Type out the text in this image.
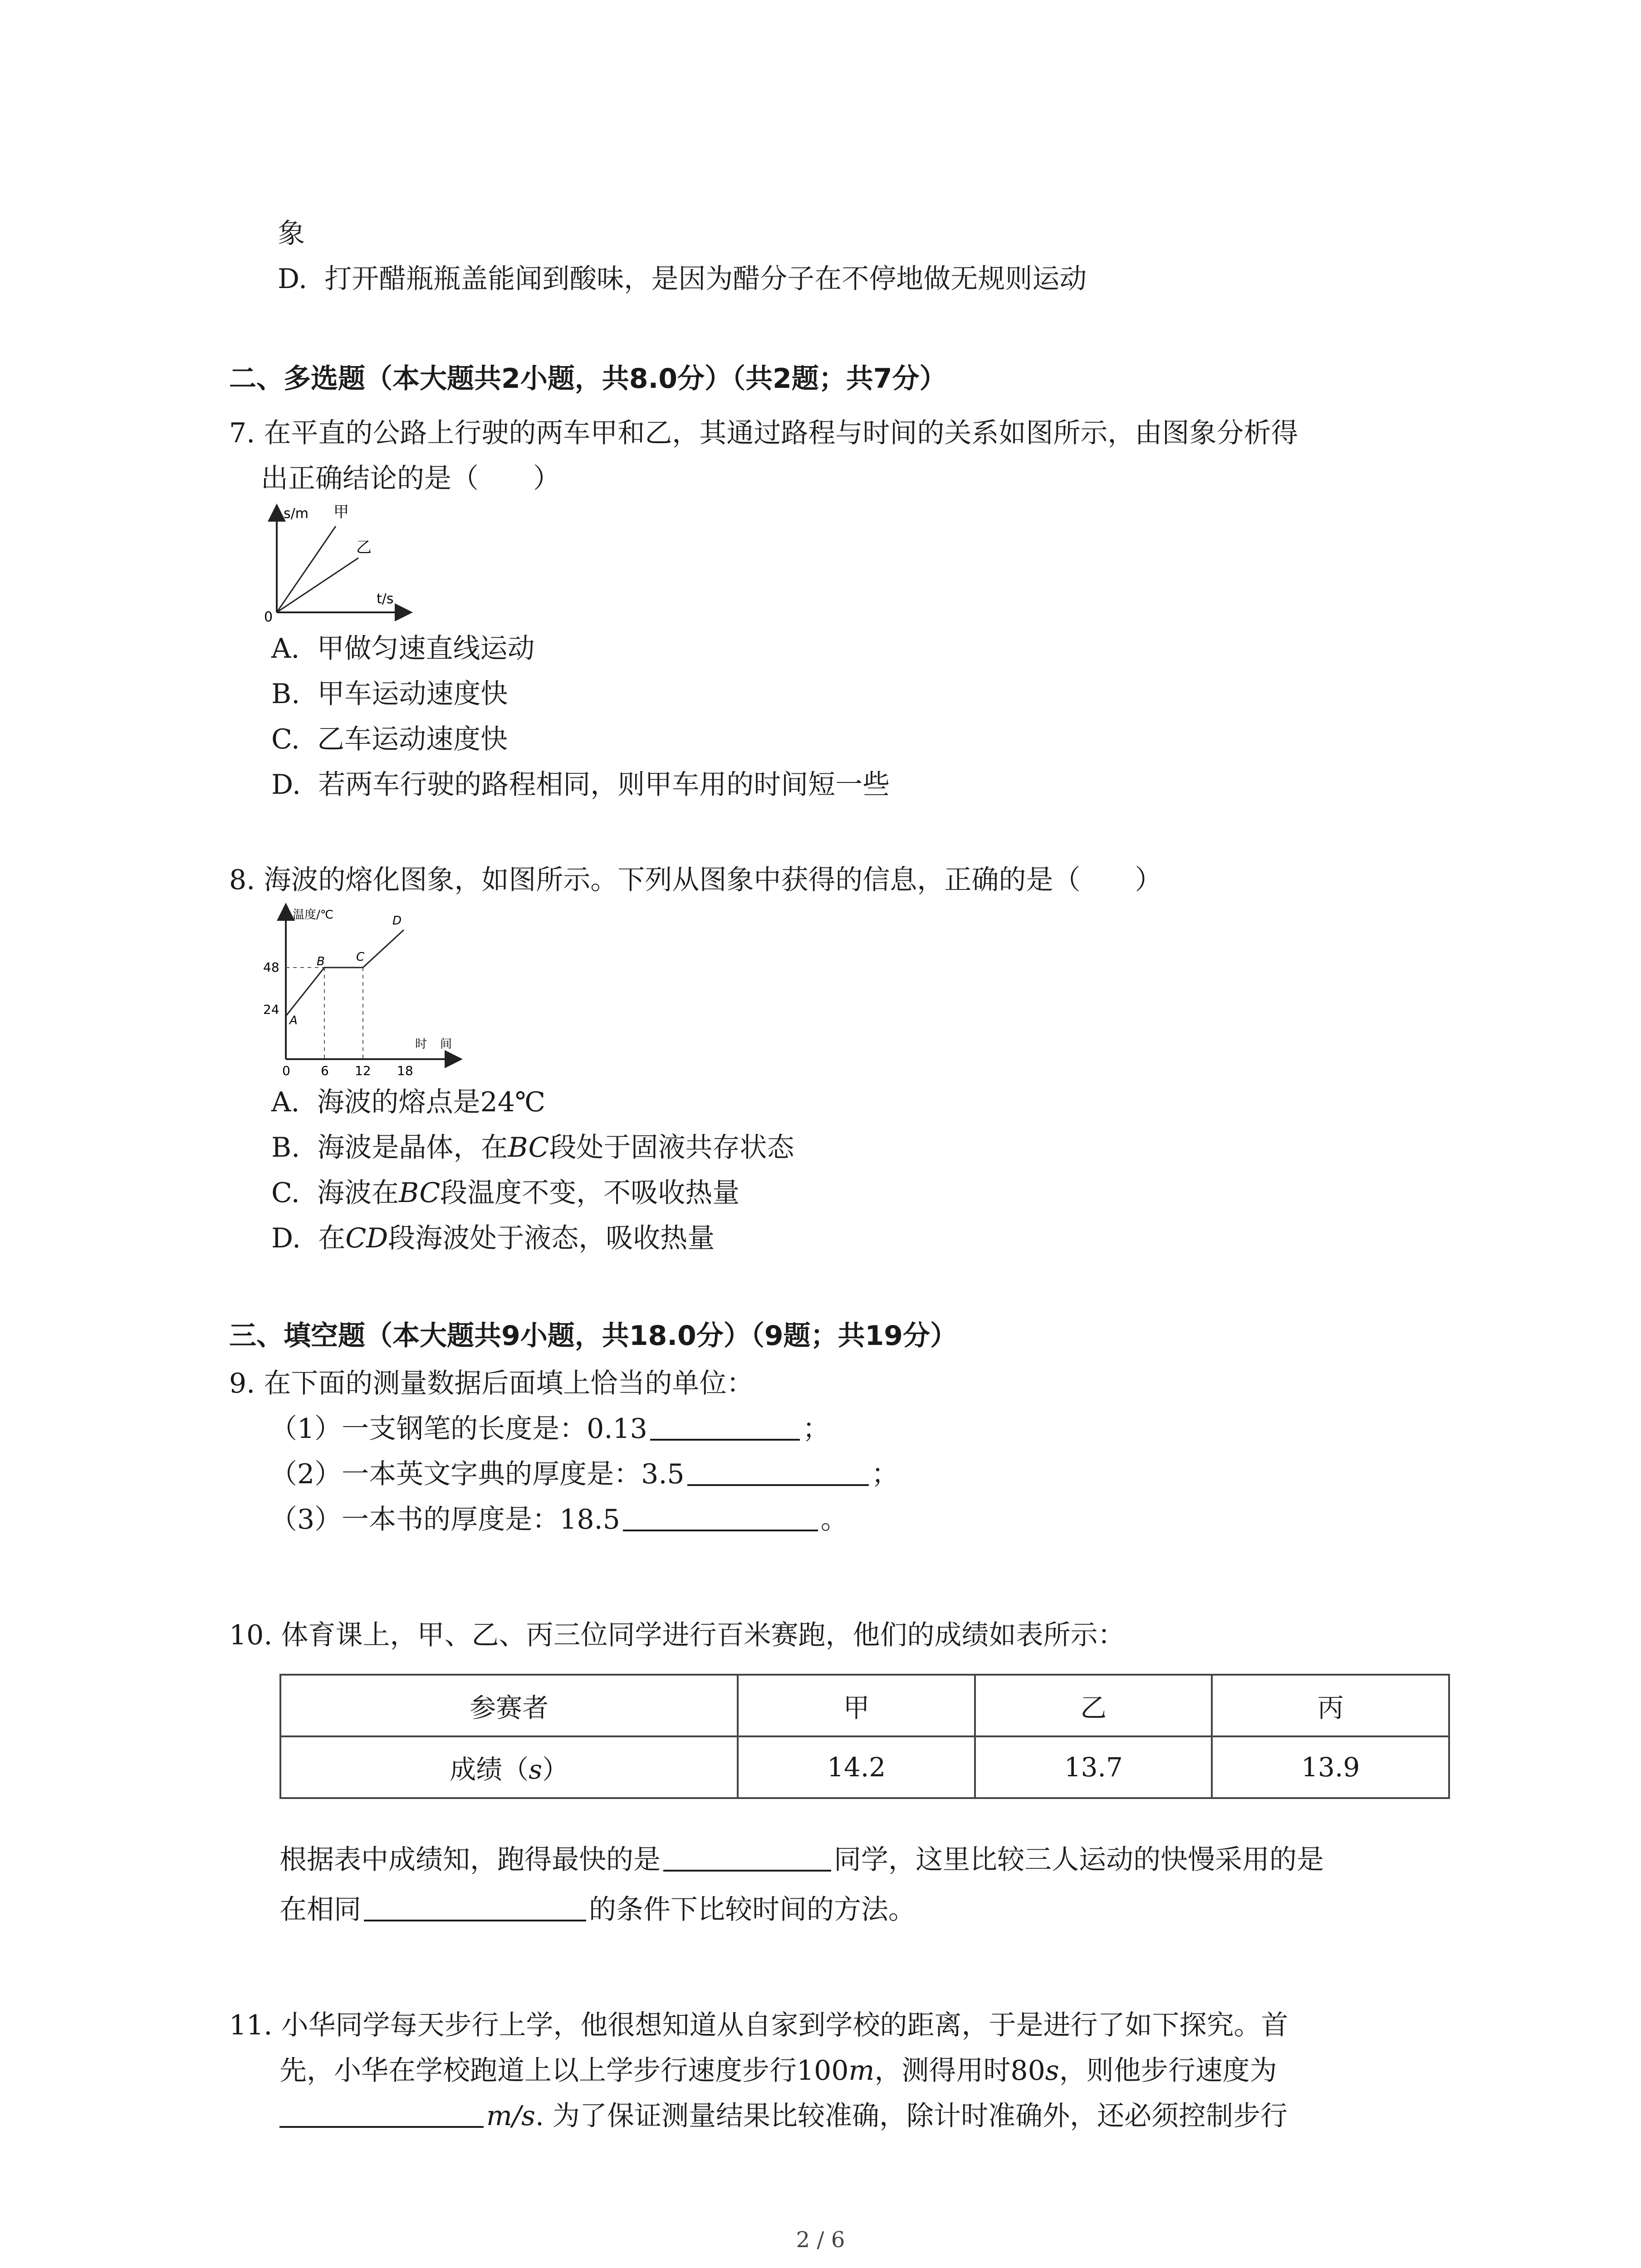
象
D. 打开醋瓶瓶盖能闻到酸味，是因为醋分子在不停地做无规则运动
二、多选题（本大题共2小题，共8.0分）（共2题；共7分）
7. 在平直的公路上行驶的两车甲和乙，其通过路程与时间的关系如图所示，由图象分析得
出正确结论的是（　　）
s/m 甲
乙
t/s
0
A. 甲做匀速直线运动
B. 甲车运动速度快
C. 乙车运动速度快
D. 若两车行驶的路程相同，则甲车用的时间短一些
8. 海波的熔化图象，如图所示。下列从图象中获得的信息，正确的是（　　）
温度/℃
48
24
A
B	C
D
时 间
0 6 12 18
A. 海波的熔点是24℃
B. 海波是晶体，在BC段处于固液共存状态
C. 海波在BC段温度不变，不吸收热量
D. 在CD段海波处于液态，吸收热量
三、填空题（本大题共9小题，共18.0分）（9题；共19分）
9. 在下面的测量数据后面填上恰当的单位：
（1）一支钢笔的长度是：0.13	；
（2）一本英文字典的厚度是：3.5	；
（3）一本书的厚度是：18.5	。
10. 体育课上，甲、乙、丙三位同学进行百米赛跑，他们的成绩如表所示：
参赛者	甲	乙	丙
成绩（s）	14.2	13.7	13.9
根据表中成绩知，跑得最快的是	同学，这里比较三人运动的快慢采用的是
在相同	的条件下比较时间的方法。
11. 小华同学每天步行上学，他很想知道从自家到学校的距离，于是进行了如下探究。首
先，小华在学校跑道上以上学步行速度步行100m，测得用时80s，则他步行速度为
m/s. 为了保证测量结果比较准确，除计时准确外，还必须控制步行
2 / 6
